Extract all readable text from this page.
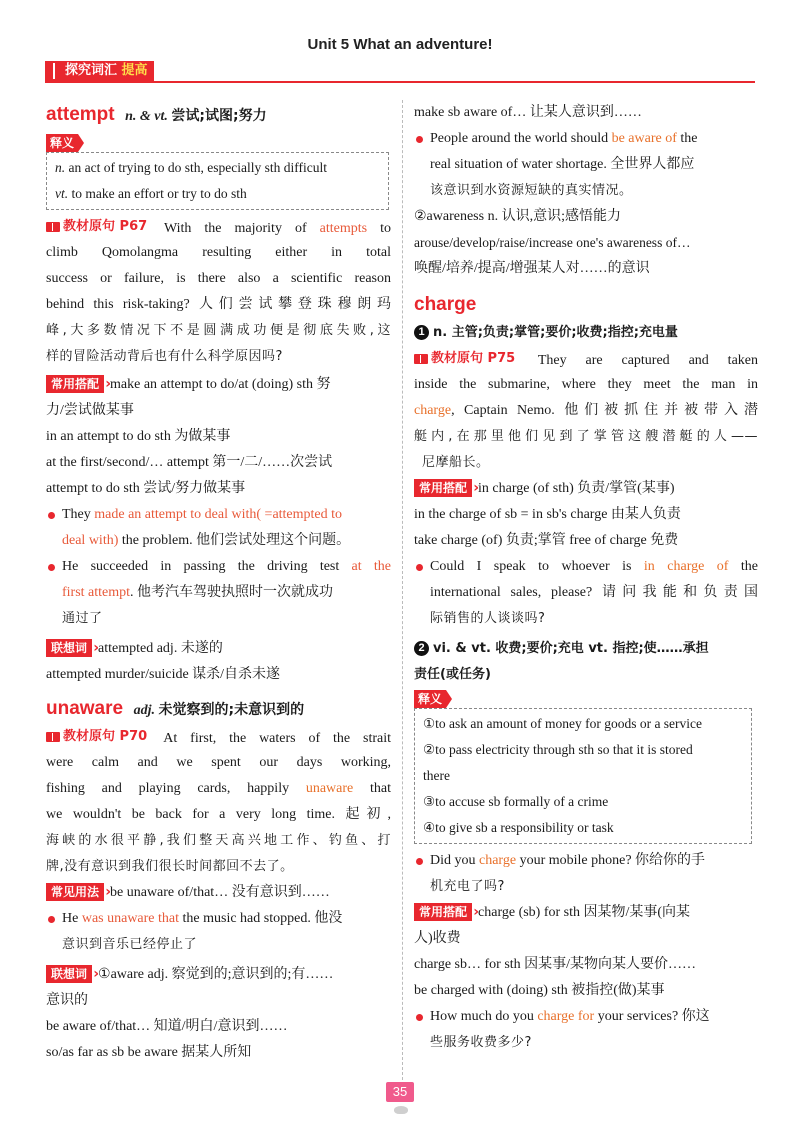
Unit 5 What an adventure!
探究词汇 提高
attempt n. & vt. 尝试;试图;努力
释义
n. an act of trying to do sth, especially sth difficult
vt. to make an effort or try to do sth
教材原句
P67 With the majority of attempts to
climb Qomolangma resulting either in total
success or failure, is there also a scientific reason
behind this risk-taking? 人们尝试攀登珠穆朗玛
峰,大多数情况下不是圆满成功便是彻底失败,这
样的冒险活动背后也有什么科学原因吗?
常用搭配 › make an attempt to do/at (doing) sth 努
力/尝试做某事
in an attempt to do sth 为做某事
at the first/second/… attempt 第一/二/……次尝试
attempt to do sth 尝试/努力做某事
They made an attempt to deal with( =attempted to
deal with) the problem. 他们尝试处理这个问题。
He succeeded in passing the driving test at the
first attempt. 他考汽车驾驶执照时一次就成功
通过了
联想词 › attempted adj. 未遂的
attempted murder/suicide 谋杀/自杀未遂
unaware adj. 未觉察到的;未意识到的
教材原句
P70 At first, the waters of the strait
were calm and we spent our days working,
fishing and playing cards, happily unaware that
we wouldn't be back for a very long time. 起初,
海峡的水很平静,我们整天高兴地工作、钓鱼、打
牌,没有意识到我们很长时间都回不去了。
常见用法 › be unaware of/that… 没有意识到……
He was unaware that the music had stopped. 他没
意识到音乐已经停止了
联想词 › ①aware adj. 察觉到的;意识到的;有……
意识的
be aware of/that… 知道/明白/意识到……
so/as far as sb be aware 据某人所知
make sb aware of… 让某人意识到……
People around the world should be aware of the
real situation of water shortage. 全世界人都应
该意识到水资源短缺的真实情况。
②awareness n. 认识,意识;感悟能力
arouse/develop/raise/increase one's awareness of…
唤醒/培养/提高/增强某人对……的意识
charge
1 n. 主管;负责;掌管;要价;收费;指控;充电量
教材原句
P75 They are captured and taken
inside the submarine, where they meet the man in
charge, Captain Nemo. 他们被抓住并被带入潜
艇内,在那里他们见到了掌管这艘潜艇的人——
尼摩船长。
常用搭配 › in charge (of sth) 负责/掌管(某事)
in the charge of sb = in sb's charge 由某人负责
take charge (of) 负责;掌管 free of charge 免费
Could I speak to whoever is in charge of the
international sales, please? 请问我能和负责国
际销售的人谈谈吗?
2 vi. & vt. 收费;要价;充电 vt. 指控;使……承担
责任(或任务)
释义
①to ask an amount of money for goods or a service
②to pass electricity through sth so that it is stored
there
③to accuse sb formally of a crime
④to give sb a responsibility or task
Did you charge your mobile phone? 你给你的手
机充电了吗?
常用搭配 › charge (sb) for sth 因某物/某事(向某
人)收费
charge sb… for sth 因某事/某物向某人要价……
be charged with (doing) sth 被指控(做)某事
How much do you charge for your services? 你这
些服务收费多少?
35
